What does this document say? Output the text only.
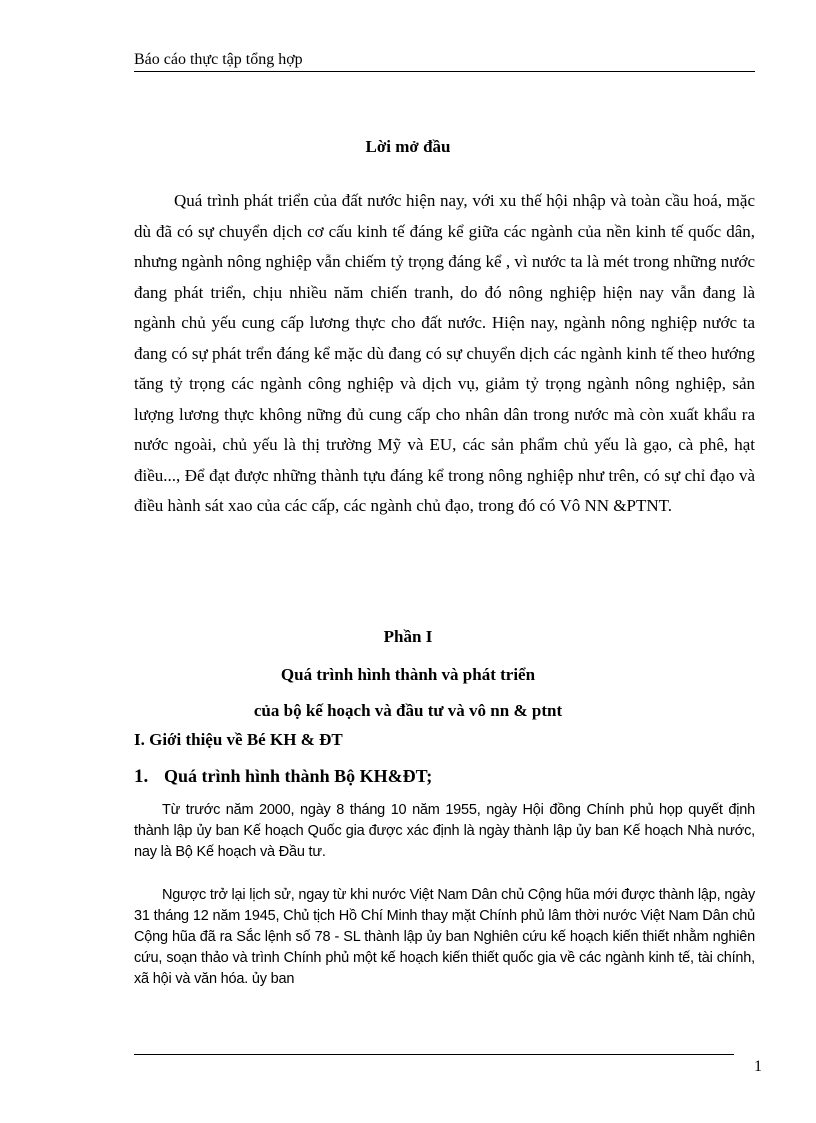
Báo cáo thực tập tổng hợp
Lời mở đầu

Quá trình phát triển của đất nước hiện nay, với xu thế hội nhập và toàn cầu hoá, mặc dù đã có sự chuyển dịch cơ cấu kinh tế đáng kể giữa các ngành của nền kinh tế quốc dân, nhưng ngành nông nghiệp vẫn chiếm tỷ trọng đáng kể , vì nước ta là mét trong những nước đang phát triển, chịu nhiều năm chiến tranh, do đó nông nghiệp hiện nay vẫn đang là ngành chủ yếu cung cấp lương thực cho đất nước. Hiện nay, ngành nông nghiệp nước ta đang có sự phát trển đáng kể mặc dù đang có sự chuyển dịch các ngành kinh tế theo hướng tăng tỷ trọng các ngành công nghiệp và dịch vụ, giảm tỷ trọng ngành nông nghiệp, sản lượng lương thực không nững đủ cung cấp cho nhân dân trong nước mà còn xuất khẩu ra nước ngoài, chủ yếu là thị trường Mỹ và EU, các sản phẩm chủ yếu là gạo, cà phê, hạt điều..., Để đạt được những thành tựu đáng kể trong nông nghiệp như trên, có sự chỉ đạo và điều hành sát xao của các cấp, các ngành chủ đạo, trong đó có Vô NN &PTNT.

Phần I
Quá trình hình thành và phát triển
của bộ kế hoạch và đầu tư và vô nn & ptnt
I. Giới thiệu về Bé KH & ĐT
1. Quá trình hình thành Bộ KH&ĐT;

Từ trước năm 2000, ngày 8 tháng 10 năm 1955, ngày Hội đồng Chính phủ họp quyết định thành lập ủy ban Kế hoạch Quốc gia được xác định là ngày thành lập ủy ban Kế hoạch Nhà nước, nay là Bộ Kế hoạch và Đầu tư.

Ngược trở lại lịch sử, ngay từ khi nước Việt Nam Dân chủ Cộng hũa mới được thành lập, ngày 31 tháng 12 năm 1945, Chủ tịch Hồ Chí Minh thay mặt Chính phủ lâm thời nước Việt Nam Dân chủ Cộng hũa đã ra Sắc lệnh số 78 - SL thành lập ủy ban Nghiên cứu kế hoạch kiến thiết nhằm nghiên cứu, soạn thảo và trình Chính phủ một kế hoạch kiến thiết quốc gia về các ngành kinh tế, tài chính, xã hội và văn hóa. ủy ban

1
